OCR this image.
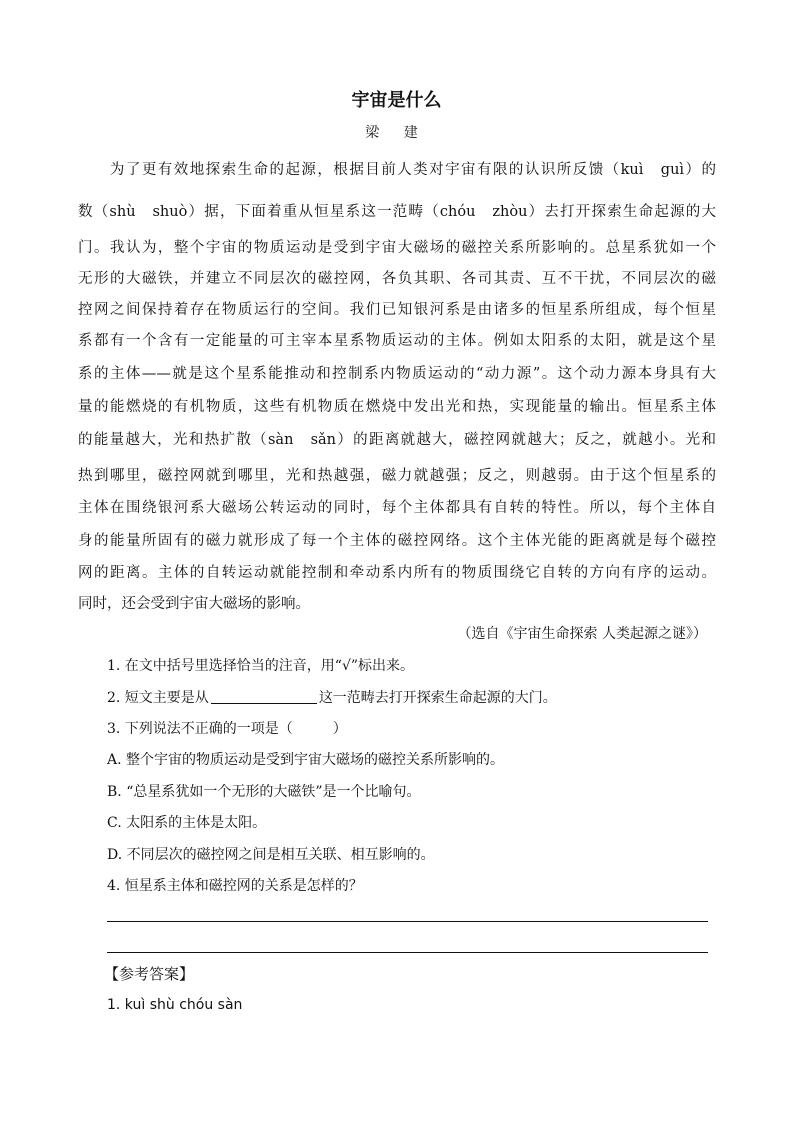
宇宙是什么
梁 建
　　为了更有效地探索生命的起源，根据目前人类对宇宙有限的认识所反馈（kuì　guì）的
数（shù　shuò）据，下面着重从恒星系这一范畴（chóu　zhòu）去打开探索生命起源的大
门。我认为，整个宇宙的物质运动是受到宇宙大磁场的磁控关系所影响的。总星系犹如一个
无形的大磁铁，并建立不同层次的磁控网，各负其职、各司其责、互不干扰，不同层次的磁
控网之间保持着存在物质运行的空间。我们已知银河系是由诸多的恒星系所组成，每个恒星
系都有一个含有一定能量的可主宰本星系物质运动的主体。例如太阳系的太阳，就是这个星
系的主体——就是这个星系能推动和控制系内物质运动的“动力源”。这个动力源本身具有大
量的能燃烧的有机物质，这些有机物质在燃烧中发出光和热，实现能量的输出。恒星系主体
的能量越大，光和热扩散（sàn　sǎn）的距离就越大，磁控网就越大；反之，就越小。光和
热到哪里，磁控网就到哪里，光和热越强，磁力就越强；反之，则越弱。由于这个恒星系的
主体在围绕银河系大磁场公转运动的同时，每个主体都具有自转的特性。所以，每个主体自
身的能量所固有的磁力就形成了每一个主体的磁控网络。这个主体光能的距离就是每个磁控
网的距离。主体的自转运动就能控制和牵动系内所有的物质围绕它自转的方向有序的运动。
同时，还会受到宇宙大磁场的影响。
（选自《宇宙生命探索 人类起源之谜》）
1. 在文中括号里选择恰当的注音，用“√”标出来。
2. 短文主要是从	这一范畴去打开探索生命起源的大门。
3. 下列说法不正确的一项是（	）
A. 整个宇宙的物质运动是受到宇宙大磁场的磁控关系所影响的。
B. “总星系犹如一个无形的大磁铁”是一个比喻句。
C. 太阳系的主体是太阳。
D. 不同层次的磁控网之间是相互关联、相互影响的。
4. 恒星系主体和磁控网的关系是怎样的？
【参考答案】
1. kuì shù chóu sàn
